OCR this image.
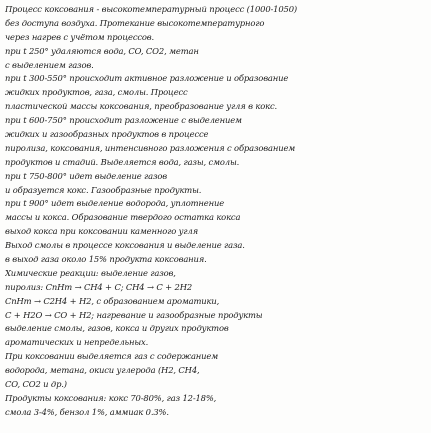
Процесс коксования - высокотемпературный процесс (1000-1050)
без доступа воздуха. Протекание высокотемпературного
через нагрев с учётом процессов.
при t 250° удаляются вода, CO, CO2, метан
с выделением газов.
при t 300-550° происходит активное разложение и образование
жидких продуктов, газа, смолы. Процесс
пластической массы коксования, преобразование угля в кокс.
при t 600-750° происходит разложение с выделением
жидких и газообразных продуктов в процессе
пиролиза, коксования, интенсивного разложения с образованием
продуктов и стадий. Выделяется вода, газы, смолы.
при t 750-800° идет выделение газов
и образуется кокс. Газообразные продукты.
при t 900° идет выделение водорода, уплотнение
массы и кокса. Образование твердого остатка кокса
выход кокса при коксовании каменного угля
Выход смолы в процессе коксования и выделение газа.
в выход газа около 15% продукта коксования.
Химические реакции: выделение газов,
пиролиз: CnHm → CH4 + C; CH4 → C + 2H2
CnHm → C2H4 + H2, с образованием ароматики,
C + H2O → CO + H2; нагревание и газообразные продукты
выделение смолы, газов, кокса и других продуктов
ароматических и непредельных.
При коксовании выделяется газ с содержанием
водорода, метана, окиси углерода (H2, CH4,
CO, CO2 и др.)
Продукты коксования: кокс 70-80%, газ 12-18%,
смола 3-4%, бензол 1%, аммиак 0.3%.
